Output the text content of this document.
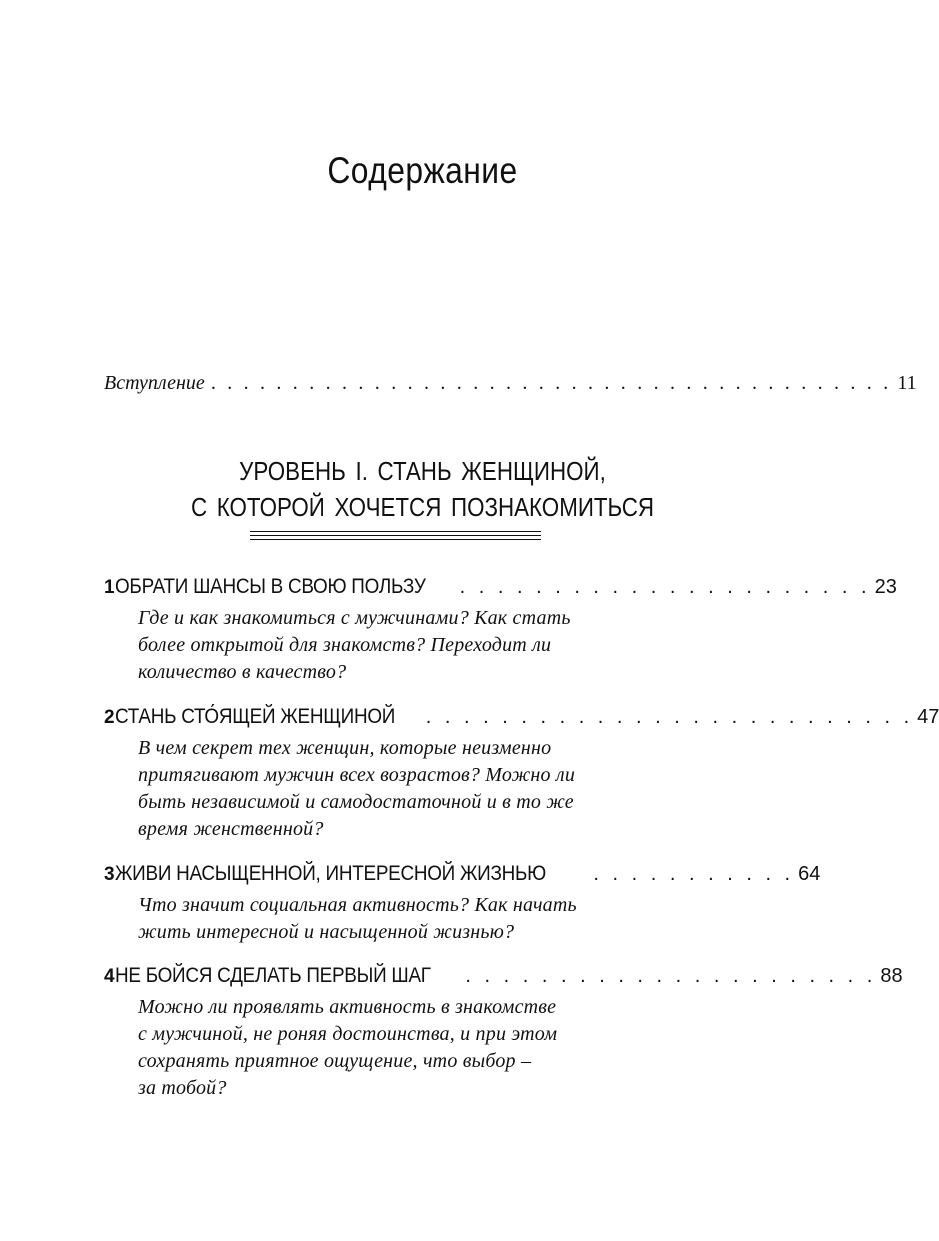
Содержание
Вступление . . . . . . . . . . . . . . . . . . . . . . . . . . . . . . . . . . . . . . . . . . 11
УРОВЕНЬ I. СТАНЬ ЖЕНЩИНОЙ,
С КОТОРОЙ ХОЧЕТСЯ ПОЗНАКОМИТЬСЯ
1 ОБРАТИ ШАНСЫ В СВОЮ ПОЛЬЗУ . . . . . . . . . . . . . . . . . . . . . . 23
Где и как знакомиться с мужчинами? Как стать
более открытой для знакомств? Переходит ли
количество в качество?
2 СТАНЬ СТО́ЯЩЕЙ ЖЕНЩИНОЙ . . . . . . . . . . . . . . . . . . . . . . . . . . 47
В чем секрет тех женщин, которые неизменно
притягивают мужчин всех возрастов? Можно ли
быть независимой и самодостаточной и в то же
время женственной?
3 ЖИВИ НАСЫЩЕННОЙ, ИНТЕРЕСНОЙ ЖИЗНЬЮ . . . . . . . . . . . 64
Что значит социальная активность? Как начать
жить интересной и насыщенной жизнью?
4 НЕ БОЙСЯ СДЕЛАТЬ ПЕРВЫЙ ШАГ . . . . . . . . . . . . . . . . . . . . . . 88
Можно ли проявлять активность в знакомстве
с мужчиной, не роняя достоинства, и при этом
сохранять приятное ощущение, что выбор –
за тобой?
